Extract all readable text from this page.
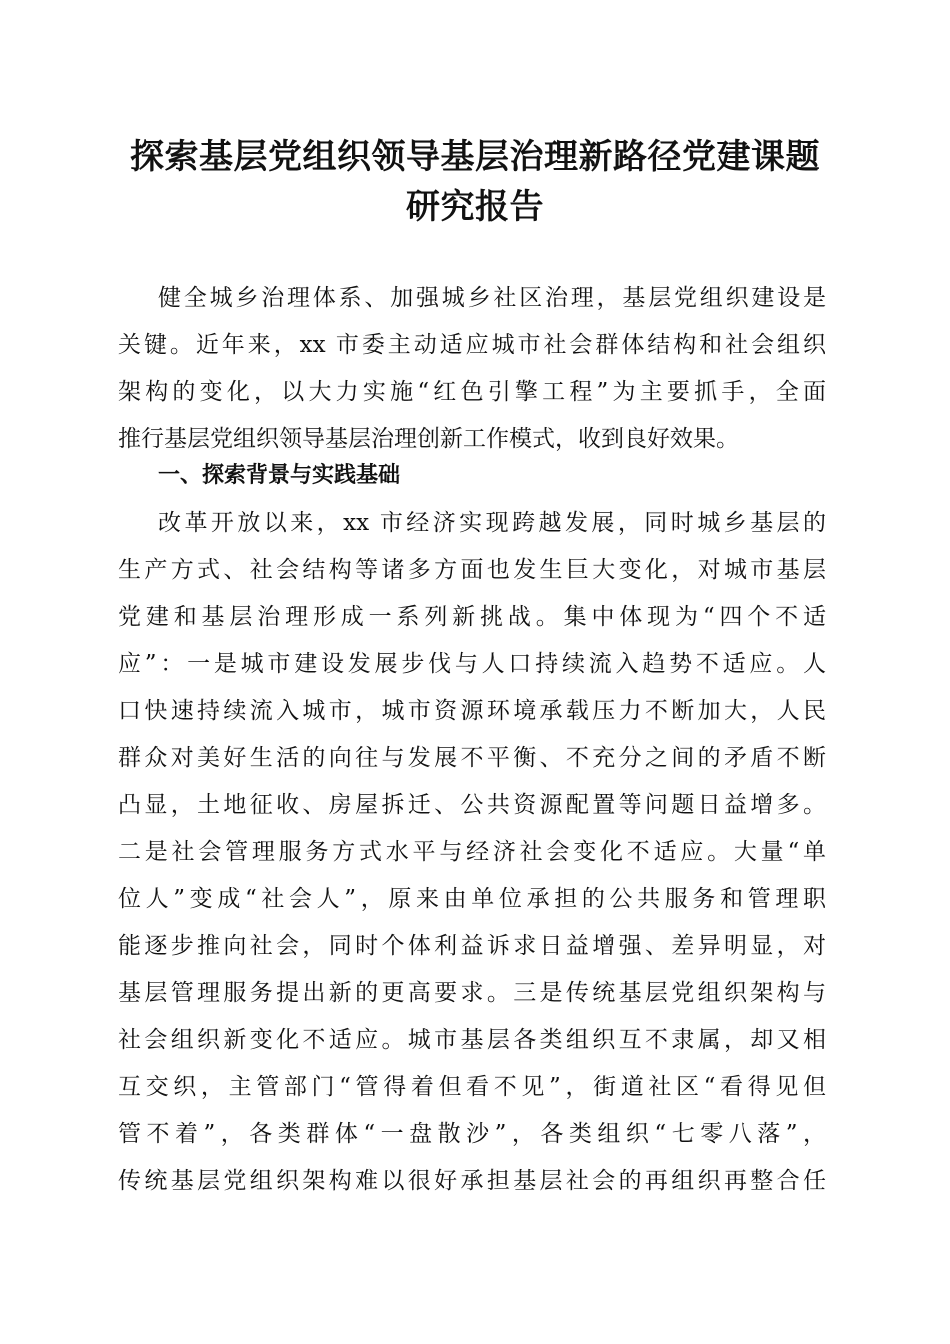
探索基层党组织领导基层治理新路径党建课题
研究报告
健全城乡治理体系、加强城乡社区治理，基层党组织建设是
关键。近年来，xx 市委主动适应城市社会群体结构和社会组织
架构的变化，以大力实施“红色引擎工程”为主要抓手，全面
推行基层党组织领导基层治理创新工作模式，收到良好效果。
一、探索背景与实践基础
改革开放以来，xx 市经济实现跨越发展，同时城乡基层的
生产方式、社会结构等诸多方面也发生巨大变化，对城市基层
党建和基层治理形成一系列新挑战。集中体现为“四个不适
应”：一是城市建设发展步伐与人口持续流入趋势不适应。人
口快速持续流入城市，城市资源环境承载压力不断加大，人民
群众对美好生活的向往与发展不平衡、不充分之间的矛盾不断
凸显，土地征收、房屋拆迁、公共资源配置等问题日益增多。
二是社会管理服务方式水平与经济社会变化不适应。大量“单
位人”变成“社会人”，原来由单位承担的公共服务和管理职
能逐步推向社会，同时个体利益诉求日益增强、差异明显，对
基层管理服务提出新的更高要求。三是传统基层党组织架构与
社会组织新变化不适应。城市基层各类组织互不隶属，却又相
互交织，主管部门“管得着但看不见”，街道社区“看得见但
管不着”，各类群体“一盘散沙”，各类组织“七零八落”，
传统基层党组织架构难以很好承担基层社会的再组织再整合任
